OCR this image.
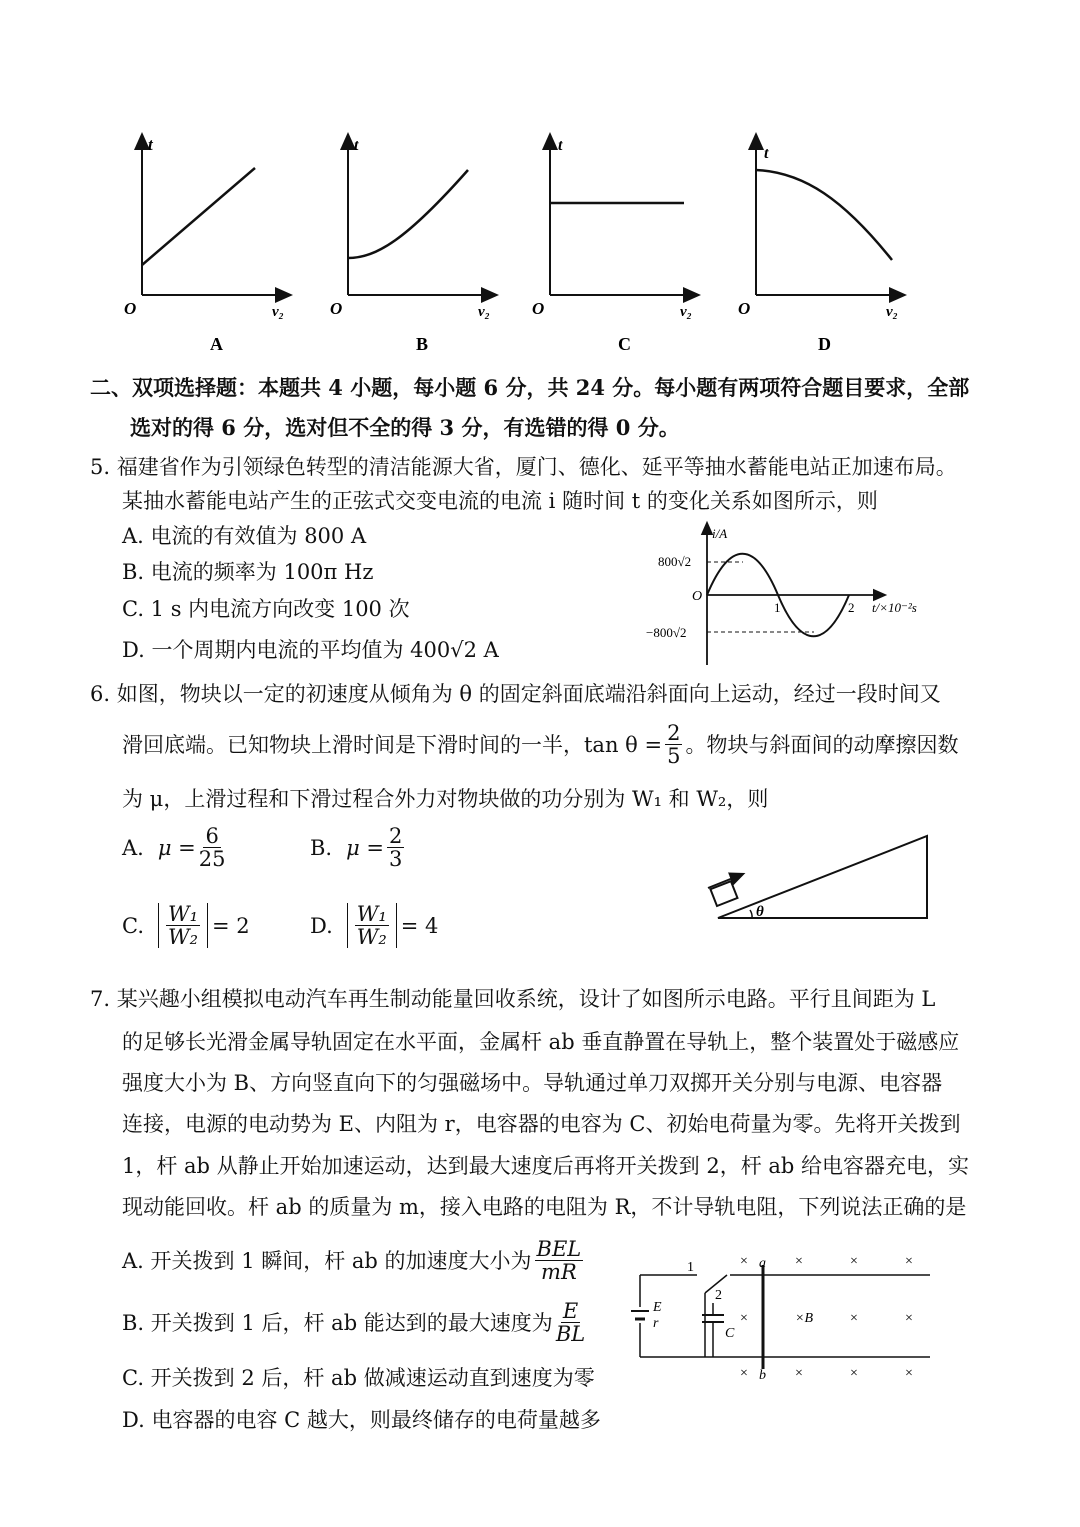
t
O	v₂
A
t
O	v₂
B
t
O	v₂
C
t
O	v₂
D
二、双项选择题：本题共 4 小题，每小题 6 分，共 24 分。每小题有两项符合题目要求，全部
选对的得 6 分，选对但不全的得 3 分，有选错的得 0 分。
5. 福建省作为引领绿色转型的清洁能源大省，厦门、德化、延平等抽水蓄能电站正加速布局。
某抽水蓄能电站产生的正弦式交变电流的电流 i 随时间 t 的变化关系如图所示，则
A. 电流的有效值为 800 A
B. 电流的频率为 100π Hz
C. 1 s 内电流方向改变 100 次
D. 一个周期内电流的平均值为 400√2 A
i/A
800√2
O
−800√2
1	2 t/×10⁻²s
6. 如图，物块以一定的初速度从倾角为 θ 的固定斜面底端沿斜面向上运动，经过一段时间又
滑回底端。已知物块上滑时间是下滑时间的一半，$\tan \theta = \frac{2}{5}$ 。物块与斜面间的动摩擦因数
为 μ，上滑过程和下滑过程合外力对物块做的功分别为 W₁ 和 W₂，则
A. $\mu = \frac{6}{25}$	B. $\mu = \frac{2}{3}$
C. $\frac{\text{W₁}}{\text{W₂}} = 2$	D. $\frac{\text{W₁}}{\text{W₂}} = 4$
θ
7. 某兴趣小组模拟电动汽车再生制动能量回收系统，设计了如图所示电路。平行且间距为 L
的足够长光滑金属导轨固定在水平面，金属杆 ab 垂直静置在导轨上，整个装置处于磁感应
强度大小为 B、方向竖直向下的匀强磁场中。导轨通过单刀双掷开关分别与电源、电容器
连接，电源的电动势为 E、内阻为 r，电容器的电容为 C、初始电荷量为零。先将开关拨到
1，杆 ab 从静止开始加速运动，达到最大速度后再将开关拨到 2，杆 ab 给电容器充电，实
现动能回收。杆 ab 的质量为 m，接入电路的电阻为 R，不计导轨电阻，下列说法正确的是
A. 开关拨到 1 瞬间，杆 ab 的加速度大小为 $\frac{\text{BEL}}{mR}$
B. 开关拨到 1 后，杆 ab 能达到的最大速度为 $\frac{E}{BL}$
C. 开关拨到 2 后，杆 ab 做减速运动直到速度为零
D. 电容器的电容 C 越大，则最终储存的电荷量越多
1
2
E
r
C
a
b
×	×	×	×
×	×B	×	×
×	×	×	×
